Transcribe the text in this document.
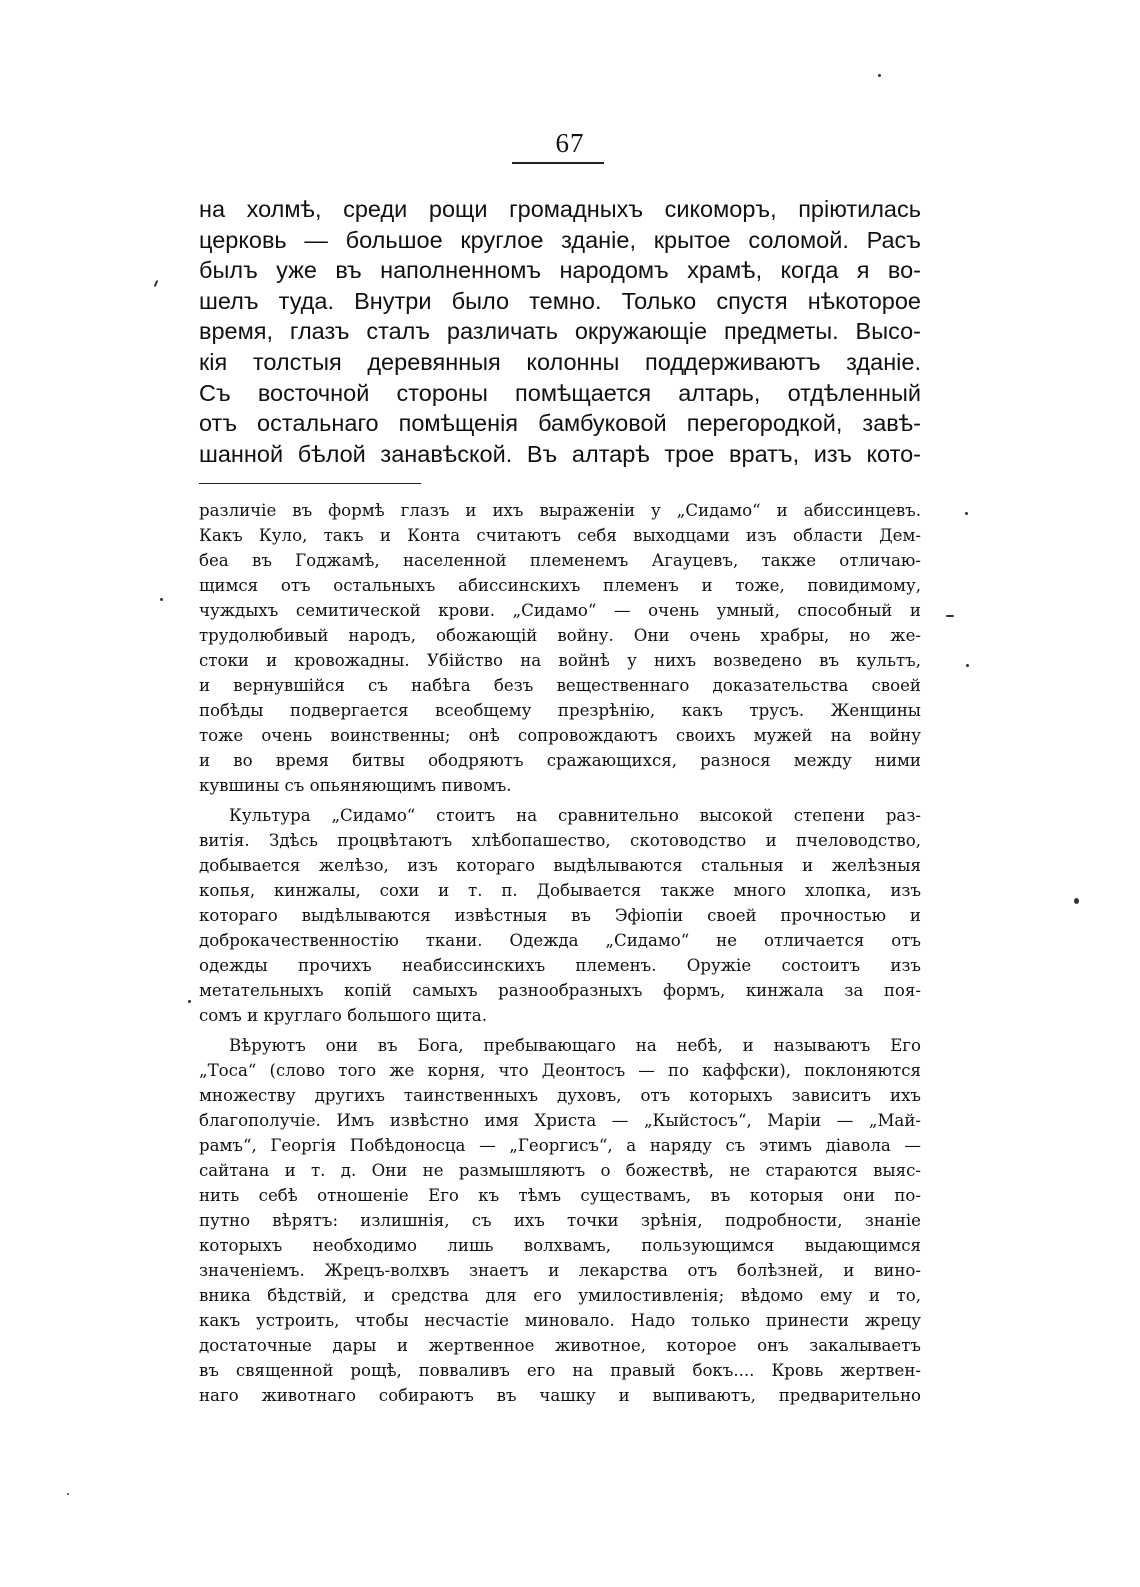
67
на холмѣ, среди рощи громадныхъ сикоморъ, пріютилась
церковь — большое круглое зданіе, крытое соломой. Расъ
былъ уже въ наполненномъ народомъ храмѣ, когда я во-
шелъ туда. Внутри было темно. Только спустя нѣкоторое
время, глазъ сталъ различать окружающіе предметы. Высо-
кія толстыя деревянныя колонны поддерживаютъ зданіе.
Съ восточной стороны помѣщается алтарь, отдѣленный
отъ остальнаго помѣщенія бамбуковой перегородкой, завѣ-
шанной бѣлой занавѣской. Въ алтарѣ трое вратъ, изъ кото-
различіе въ формѣ глазъ и ихъ выраженіи у „Сидамо“ и абиссинцевъ.
Какъ Куло, такъ и Конта считаютъ себя выходцами изъ области Дем-
беа въ Годжамѣ, населенной племенемъ Агауцевъ, также отличаю-
щимся отъ остальныхъ абиссинскихъ племенъ и тоже, повидимому,
чуждыхъ семитической крови. „Сидамо“ — очень умный, способный и
трудолюбивый народъ, обожающій войну. Они очень храбры, но же-
стоки и кровожадны. Убійство на войнѣ у нихъ возведено въ культъ,
и вернувшійся съ набѣга безъ вещественнаго доказательства своей
побѣды подвергается всеобщему презрѣнію, какъ трусъ. Женщины
тоже очень воинственны; онѣ сопровождаютъ своихъ мужей на войну
и во время битвы ободряютъ сражающихся, разнося между ними
кувшины съ опьяняющимъ пивомъ.
Культура „Сидамо“ стоитъ на сравнительно высокой степени раз-
витія. Здѣсь процвѣтаютъ хлѣбопашество, скотоводство и пчеловодство,
добывается желѣзо, изъ котораго выдѣлываются стальныя и желѣзныя
копья, кинжалы, сохи и т. п. Добывается также много хлопка, изъ
котораго выдѣлываются извѣстныя въ Эфіопіи своей прочностью и
доброкачественностію ткани. Одежда „Сидамо“ не отличается отъ
одежды прочихъ неабиссинскихъ племенъ. Оружіе состоитъ изъ
метательныхъ копій самыхъ разнообразныхъ формъ, кинжала за поя-
сомъ и круглаго большого щита.
Вѣруютъ они въ Бога, пребывающаго на небѣ, и называютъ Его
„Тоса“ (слово того же корня, что Деонтосъ — по каффски), поклоняются
множеству другихъ таинственныхъ духовъ, отъ которыхъ зависитъ ихъ
благополучіе. Имъ извѣстно имя Христа — „Кыйстосъ“, Маріи — „Май-
рамъ“, Георгія Побѣдоносца — „Георгисъ“, а наряду съ этимъ діавола —
сайтана и т. д. Они не размышляютъ о божествѣ, не стараются выяс-
нить себѣ отношеніе Его къ тѣмъ существамъ, въ которыя они по-
путно вѣрятъ: излишнія, съ ихъ точки зрѣнія, подробности, знаніе
которыхъ необходимо лишь волхвамъ, пользующимся выдающимся
значеніемъ. Жрецъ-волхвъ знаетъ и лекарства отъ болѣзней, и вино-
вника бѣдствій, и средства для его умилостивленія; вѣдомо ему и то,
какъ устроить, чтобы несчастіе миновало. Надо только принести жрецу
достаточные дары и жертвенное животное, которое онъ закалываетъ
въ священной рощѣ, повваливъ его на правый бокъ.... Кровь жертвен-
наго животнаго собираютъ въ чашку и выпиваютъ, предварительно
